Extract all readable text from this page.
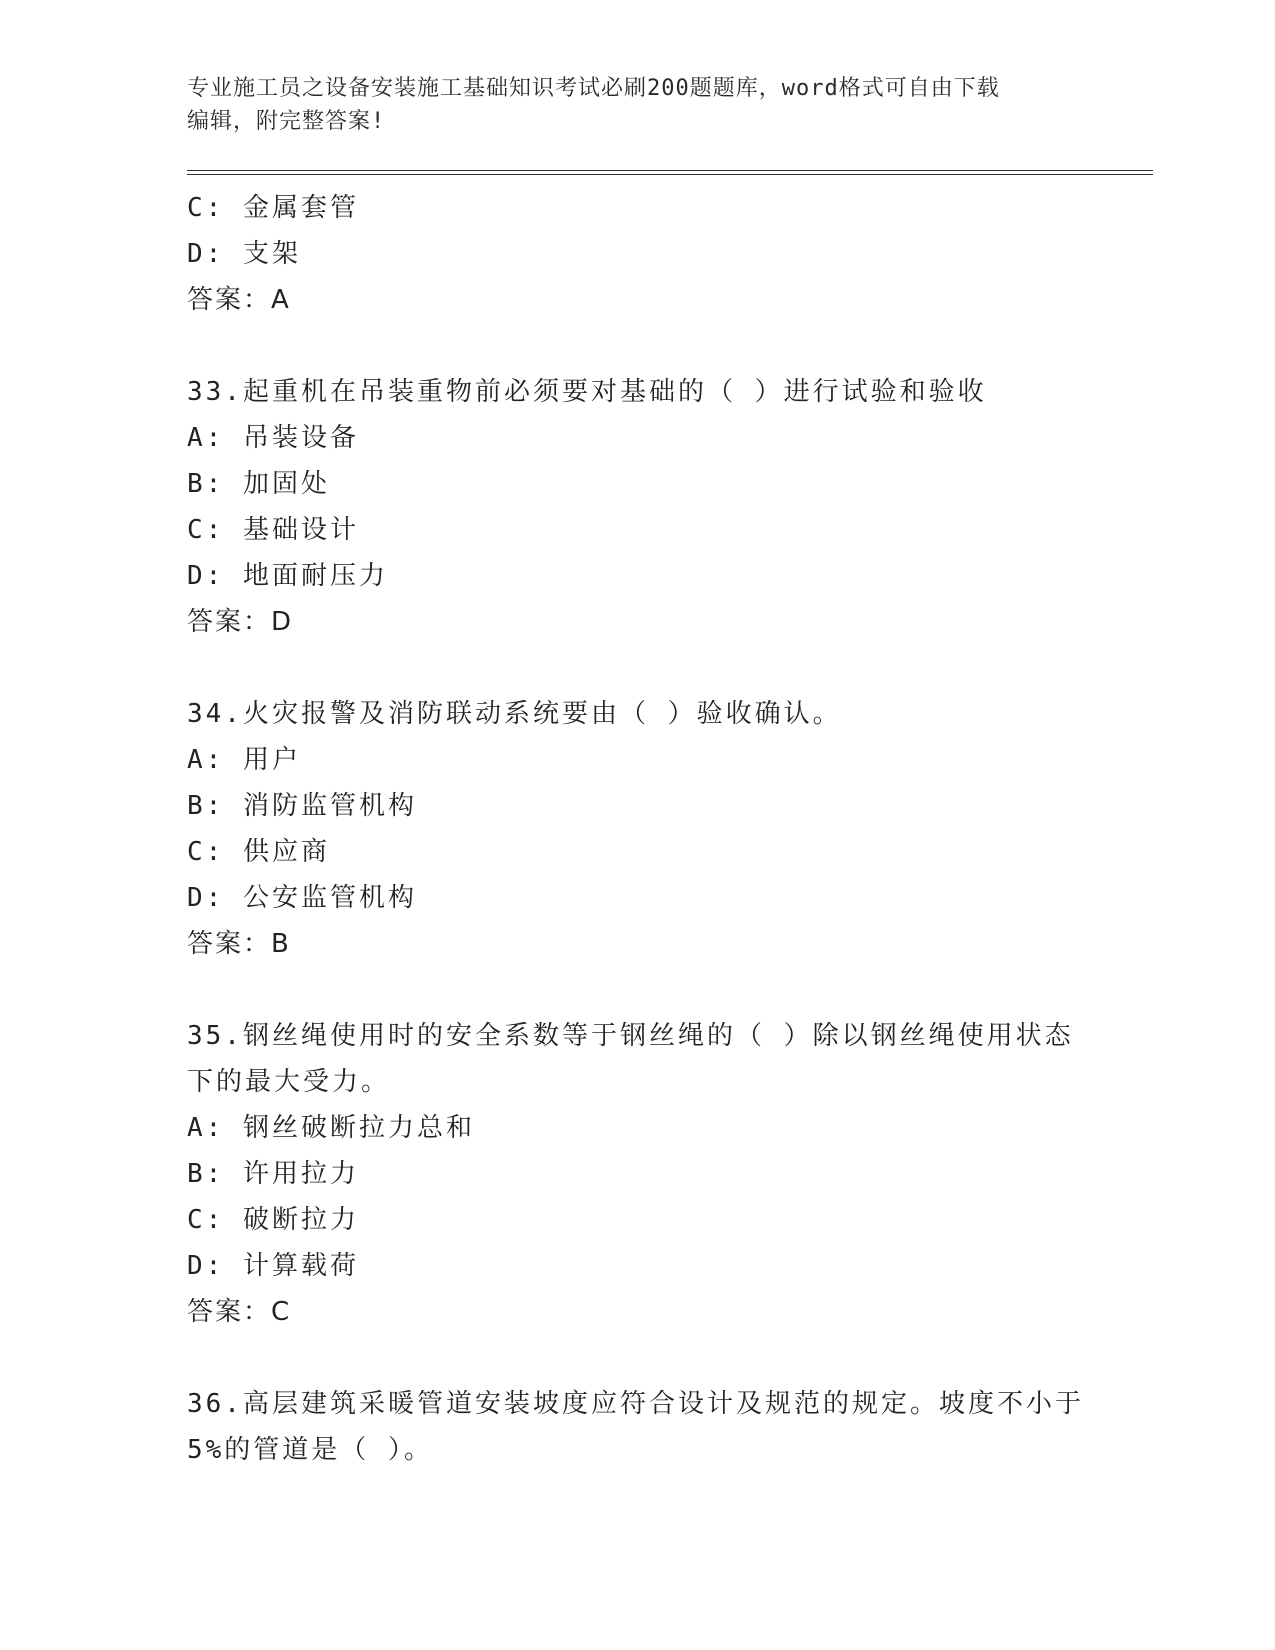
专业施工员之设备安装施工基础知识考试必刷200题题库，word格式可自由下载
编辑，附完整答案!
C: 金属套管
D: 支架
答案：A
33.起重机在吊装重物前必须要对基础的（ ）进行试验和验收
A: 吊装设备
B: 加固处
C: 基础设计
D: 地面耐压力
答案：D
34.火灾报警及消防联动系统要由（ ）验收确认。
A: 用户
B: 消防监管机构
C: 供应商
D: 公安监管机构
答案：B
35.钢丝绳使用时的安全系数等于钢丝绳的（ ）除以钢丝绳使用状态下的最大受力。
A: 钢丝破断拉力总和
B: 许用拉力
C: 破断拉力
D: 计算载荷
答案：C
36.高层建筑采暖管道安装坡度应符合设计及规范的规定。坡度不小于5%的管道是（ ）。
